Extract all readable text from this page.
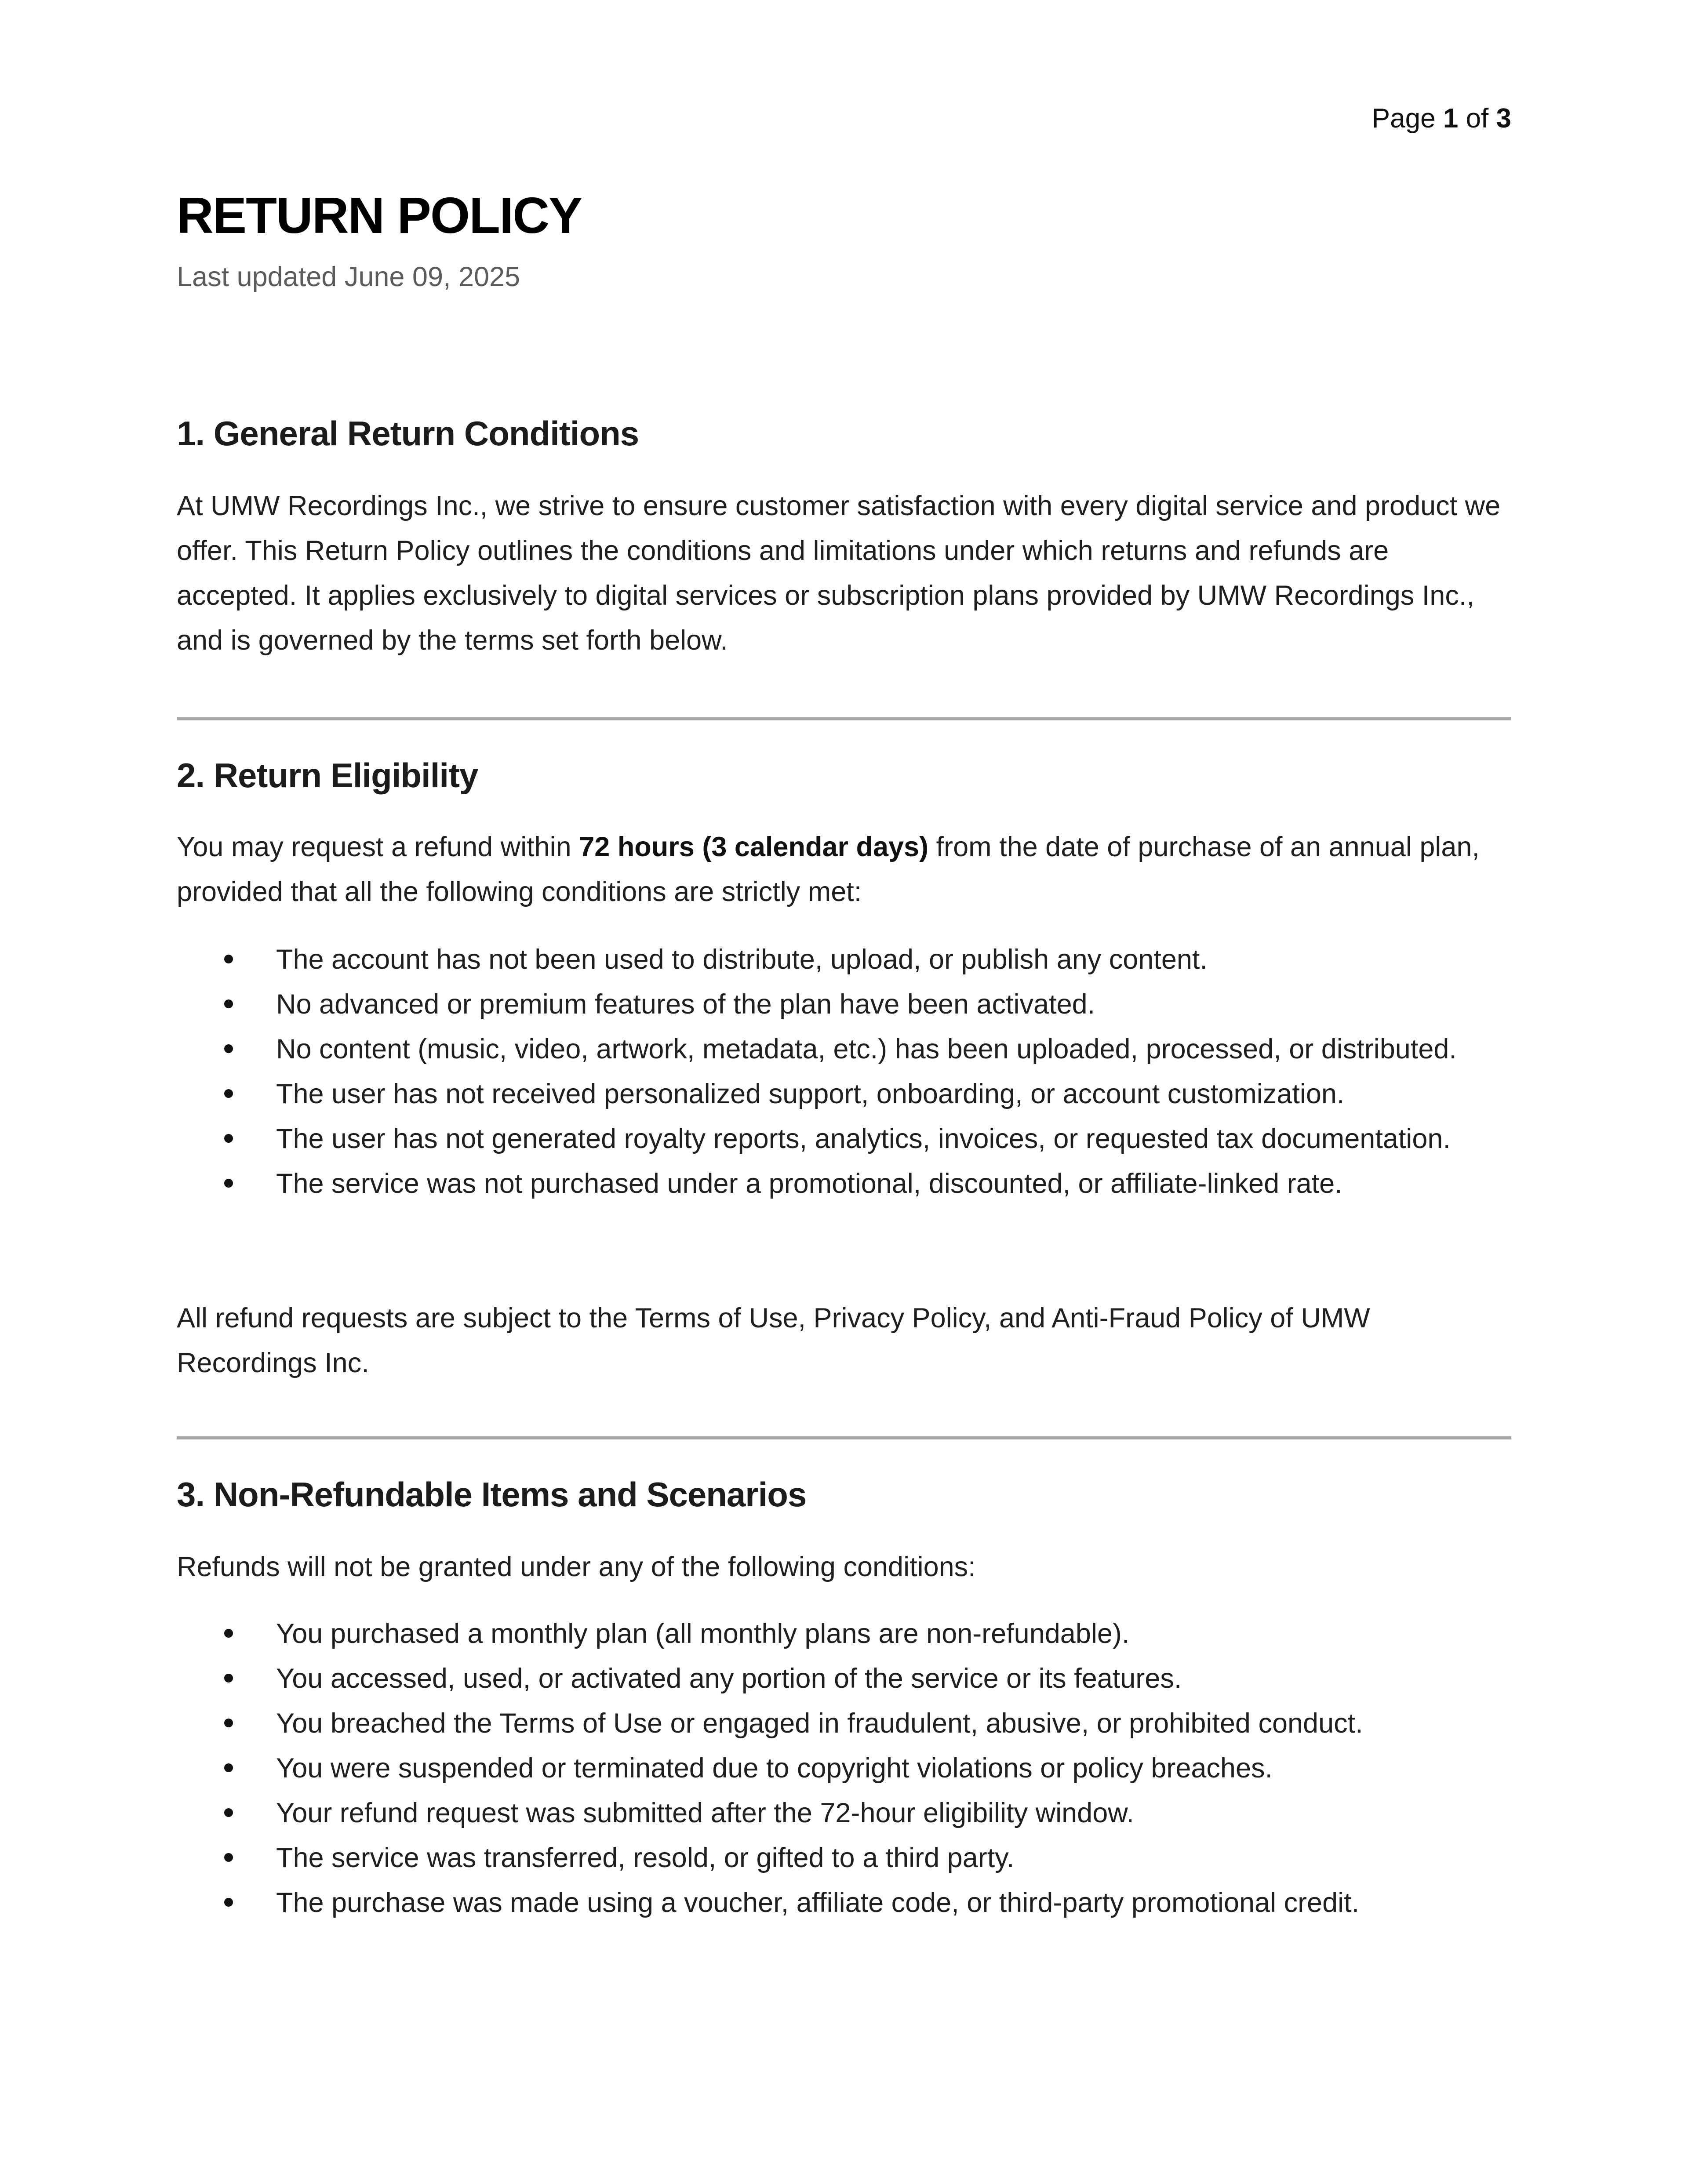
Page 1 of 3
RETURN POLICY
Last updated June 09, 2025
1. General Return Conditions

At UMW Recordings Inc., we strive to ensure customer satisfaction with every digital service and product we offer. This Return Policy outlines the conditions and limitations under which returns and refunds are accepted. It applies exclusively to digital services or subscription plans provided by UMW Recordings Inc., and is governed by the terms set forth below.

2. Return Eligibility

You may request a refund within 72 hours (3 calendar days) from the date of purchase of an annual plan, provided that all the following conditions are strictly met:

The account has not been used to distribute, upload, or publish any content.
No advanced or premium features of the plan have been activated.
No content (music, video, artwork, metadata, etc.) has been uploaded, processed, or distributed.
The user has not received personalized support, onboarding, or account customization.
The user has not generated royalty reports, analytics, invoices, or requested tax documentation.
The service was not purchased under a promotional, discounted, or affiliate-linked rate.

All refund requests are subject to the Terms of Use, Privacy Policy, and Anti-Fraud Policy of UMW Recordings Inc.

3. Non-Refundable Items and Scenarios

Refunds will not be granted under any of the following conditions:

You purchased a monthly plan (all monthly plans are non-refundable).
You accessed, used, or activated any portion of the service or its features.
You breached the Terms of Use or engaged in fraudulent, abusive, or prohibited conduct.
You were suspended or terminated due to copyright violations or policy breaches.
Your refund request was submitted after the 72-hour eligibility window.
The service was transferred, resold, or gifted to a third party.
The purchase was made using a voucher, affiliate code, or third-party promotional credit.
